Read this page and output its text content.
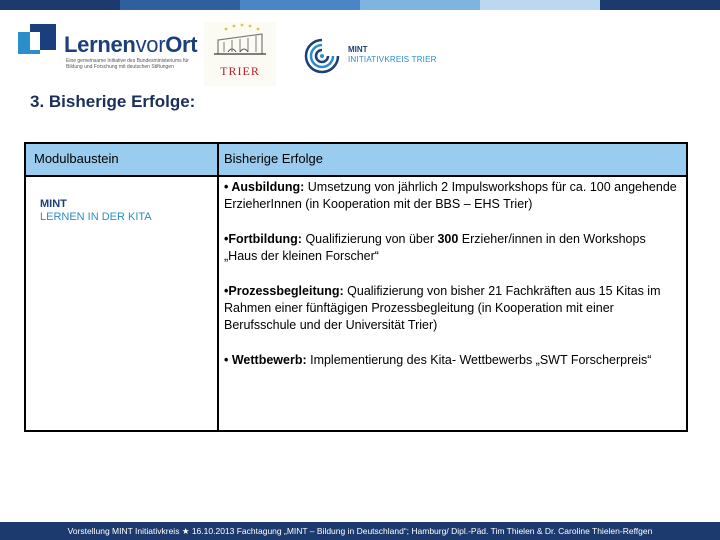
LernenvorOrt
Eine gemeinsame Initiative des Bundesministeriums für Bildung und Forschung mit deutschen Stiftungen	TRIER
MINT
INITIATIVKREIS TRIER
3. Bisherige Erfolge:
Modulbaustein	Bisherige Erfolge
MINT
LERNEN IN DER KITA

• Ausbildung: Umsetzung von jährlich 2 Impulsworkshops für ca. 100 angehende ErzieherInnen (in Kooperation mit der BBS – EHS Trier)

•Fortbildung: Qualifizierung von über 300 Erzieher/innen in den Workshops „Haus der kleinen Forscher“

•Prozessbegleitung: Qualifizierung von bisher 21 Fachkräften aus 15 Kitas im Rahmen einer fünftägigen Prozessbegleitung (in Kooperation mit einer Berufsschule und der Universität Trier)

• Wettbewerb: Implementierung des Kita- Wettbewerbs „SWT Forscherpreis“

Vorstellung MINT Initiativkreis ★ 16.10.2013 Fachtagung „MINT – Bildung in Deutschland“; Hamburg/ Dipl.-Päd. Tim Thielen & Dr. Caroline Thielen-Reffgen
